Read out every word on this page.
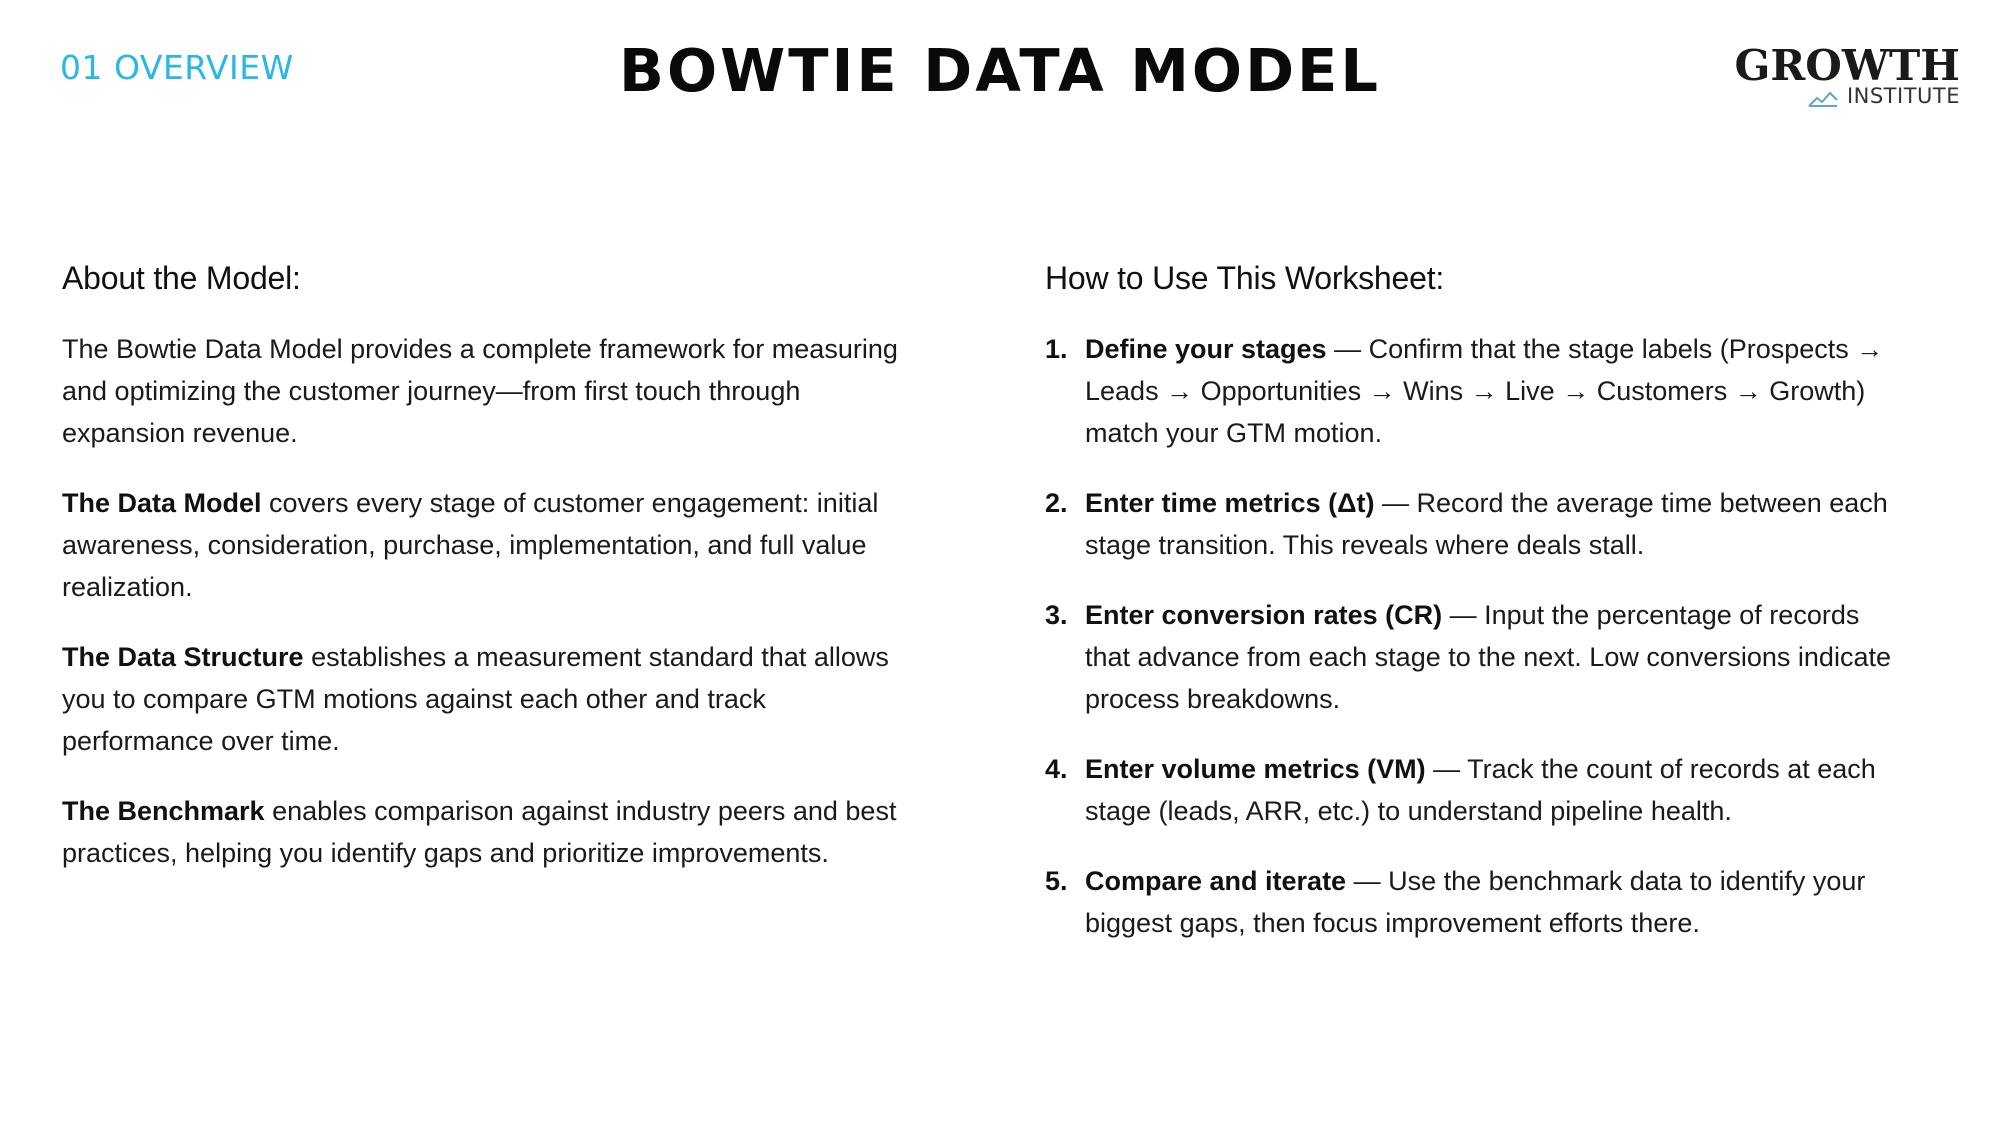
01 OVERVIEW	BOWTIE DATA MODEL	GROWTH
INSTITUTE
About the Model:

The Bowtie Data Model provides a complete framework for measuring and optimizing the customer journey—from first touch through expansion revenue.

The Data Model covers every stage of customer engagement: initial awareness, consideration, purchase, implementation, and full value realization.

The Data Structure establishes a measurement standard that allows you to compare GTM motions against each other and track performance over time.

The Benchmark enables comparison against industry peers and best practices, helping you identify gaps and prioritize improvements.

How to Use This Worksheet:
1. Define your stages — Confirm that the stage labels (Prospects → Leads → Opportunities → Wins → Live → Customers → Growth) match your GTM motion.
2. Enter time metrics (Δt) — Record the average time between each stage transition. This reveals where deals stall.
3. Enter conversion rates (CR) — Input the percentage of records that advance from each stage to the next. Low conversions indicate process breakdowns.
4. Enter volume metrics (VM) — Track the count of records at each stage (leads, ARR, etc.) to understand pipeline health.
5. Compare and iterate — Use the benchmark data to identify your biggest gaps, then focus improvement efforts there.
